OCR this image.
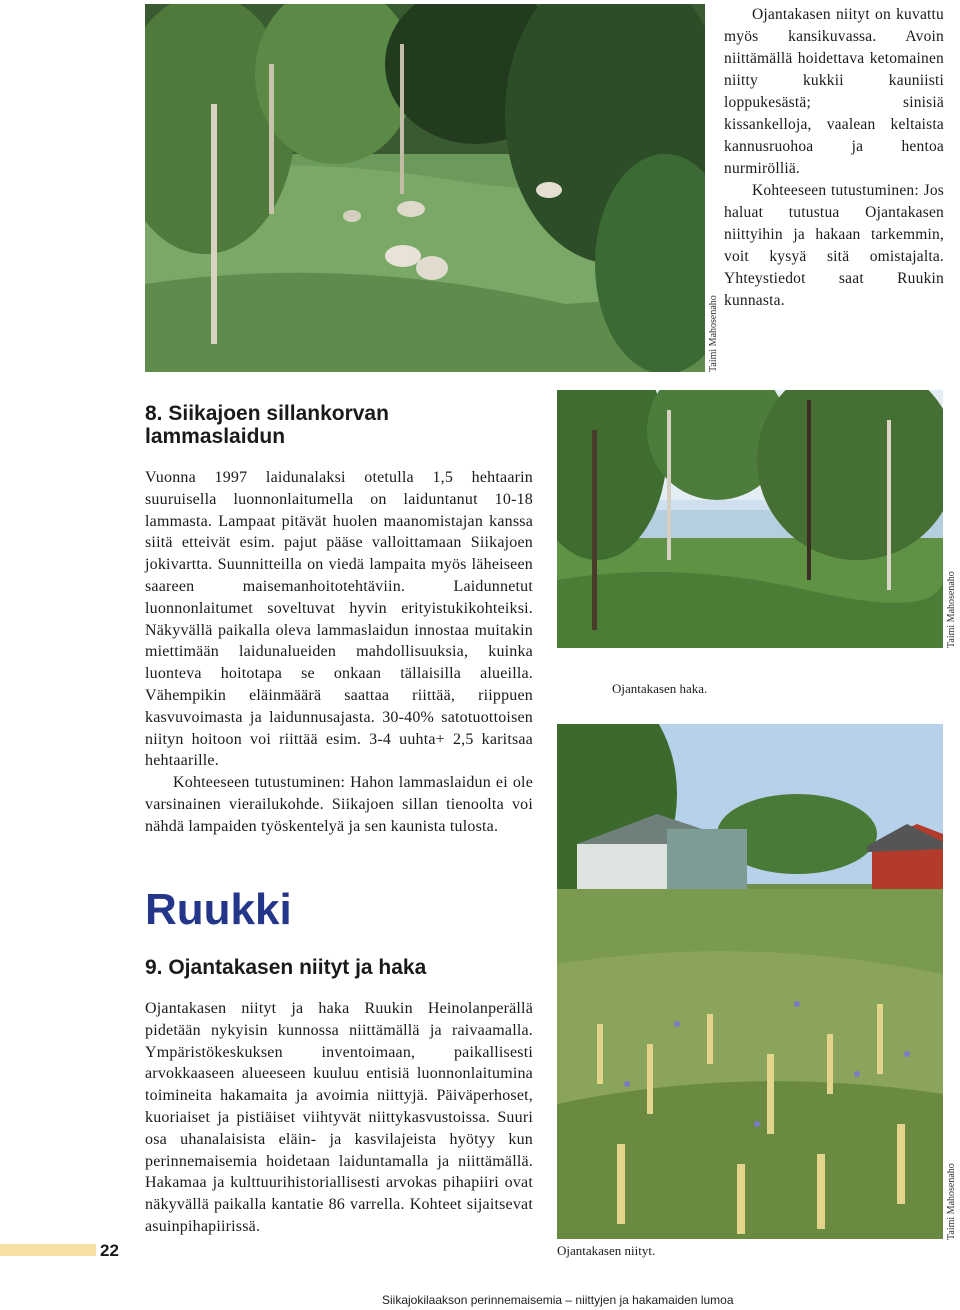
Taimi Mahosenaho

Ojantakasen niityt on kuvattu myös kansikuvassa. Avoin niittämällä hoidettava ketomainen niitty kukkii kauniisti loppukesästä; sinisiä kissankelloja, vaalean keltaista kannusruohoa ja hentoa nurmirölliä.

Kohteeseen tutustuminen: Jos haluat tutustua Ojantakasen niittyihin ja hakaan tarkemmin, voit kysyä sitä omistajalta. Yhteystiedot saat Ruukin kunnasta.

8. Siikajoen sillankorvan lammaslaidun

Vuonna 1997 laidunalaksi otetulla 1,5 hehtaarin suuruisella luonnonlaitumella on laiduntanut 10-18 lammasta. Lampaat pitävät huolen maanomistajan kanssa siitä etteivät esim. pajut pääse valloittamaan Siikajoen jokivartta. Suunnitteilla on viedä lampaita myös läheiseen saareen maisemanhoitotehtäviin. Laidunnetut luonnonlaitumet soveltuvat hyvin erityistukikohteiksi. Näkyvällä paikalla oleva lammaslaidun innostaa muitakin miettimään laidunalueiden mahdollisuuksia, kuinka luonteva hoitotapa se onkaan tällaisilla alueilla. Vähempikin eläinmäärä saattaa riittää, riippuen kasvuvoimasta ja laidunnusajasta. 30-40% satotuottoisen niityn hoitoon voi riittää esim. 3-4 uuhta+ 2,5 karitsaa hehtaarille.

Kohteeseen tutustuminen: Hahon lammaslaidun ei ole varsinainen vierailukohde. Siikajoen sillan tienoolta voi nähdä lampaiden työskentelyä ja sen kaunista tulosta.

Taimi Mahosenaho
Ojantakasen haka.
Ruukki
9. Ojantakasen niityt ja haka

Ojantakasen niityt ja haka Ruukin Heinolanperällä pidetään nykyisin kunnossa niittämällä ja raivaamalla. Ympäristökeskuksen inventoimaan, paikallisesti arvokkaaseen alueeseen kuuluu entisiä luonnonlaitumina toimineita hakamaita ja avoimia niittyjä. Päiväperhoset, kuoriaiset ja pistiäiset viihtyvät niittykasvustoissa. Suuri osa uhanalaisista eläin- ja kasvilajeista hyötyy kun perinnemaisemia hoidetaan laiduntamalla ja niittämällä. Hakamaa ja kulttuurihistoriallisesti arvokas pihapiiri ovat näkyvällä paikalla kantatie 86 varrella. Kohteet sijaitsevat asuinpihapiirissä.	Taimi Mahosenaho
Ojantakasen niityt.
22
Siikajokilaakson perinnemaisemia – niittyjen ja hakamaiden lumoa
